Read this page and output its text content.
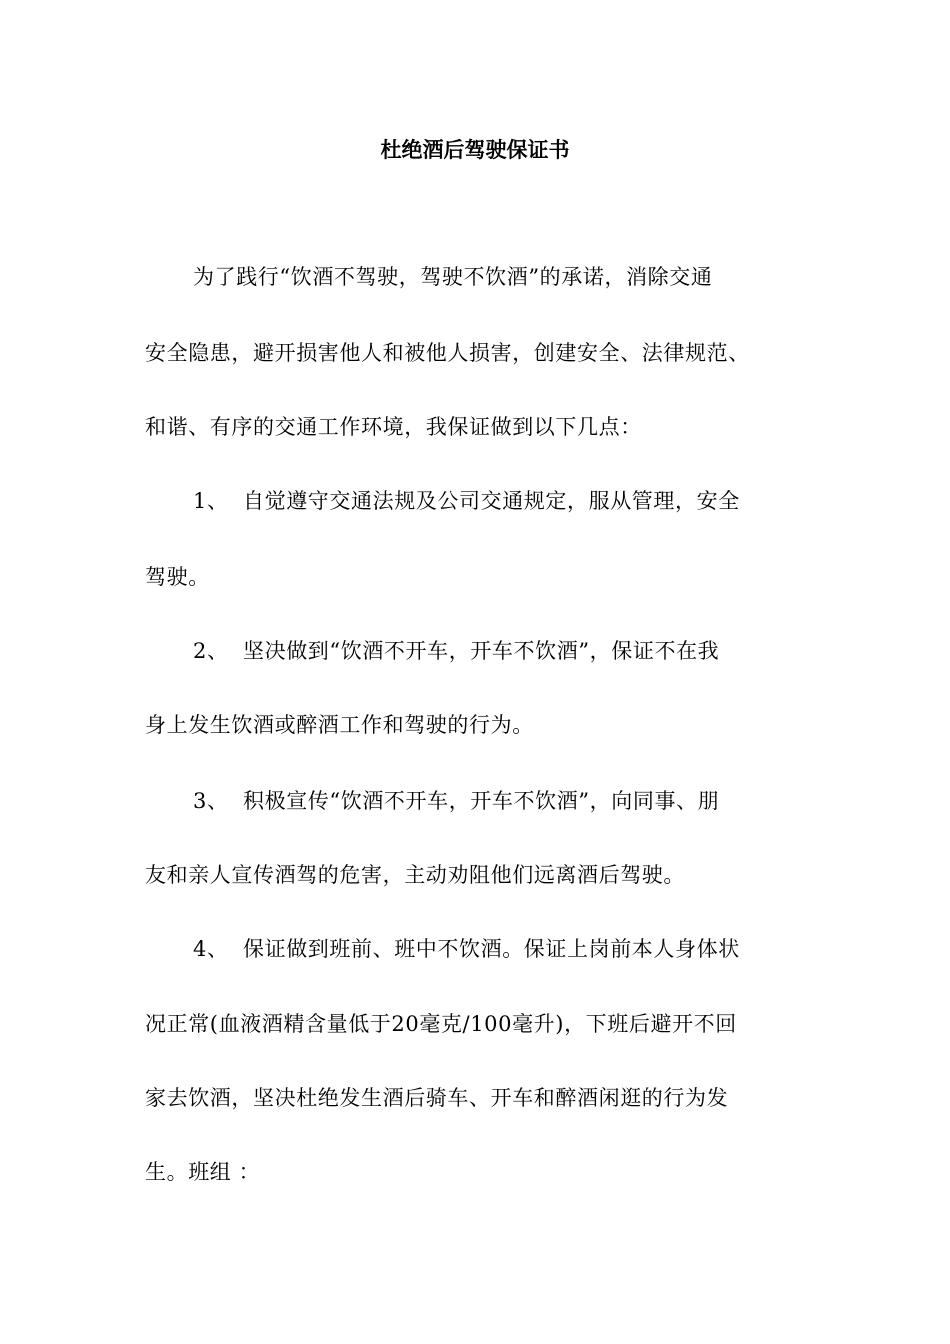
杜绝酒后驾驶保证书
为了践行“饮酒不驾驶，驾驶不饮酒”的承诺，消除交通
安全隐患，避开损害他人和被他人损害，创建安全、法律规范、
和谐、有序的交通工作环境，我保证做到以下几点：
1、 自觉遵守交通法规及公司交通规定，服从管理，安全
驾驶。
2、 坚决做到“饮酒不开车，开车不饮酒”，保证不在我
身上发生饮酒或醉酒工作和驾驶的行为。
3、 积极宣传“饮酒不开车，开车不饮酒”，向同事、朋
友和亲人宣传酒驾的危害，主动劝阻他们远离酒后驾驶。
4、 保证做到班前、班中不饮酒。保证上岗前本人身体状
况正常(血液酒精含量低于20毫克/100毫升)，下班后避开不回
家去饮酒，坚决杜绝发生酒后骑车、开车和醉酒闲逛的行为发
生。班组 ：
